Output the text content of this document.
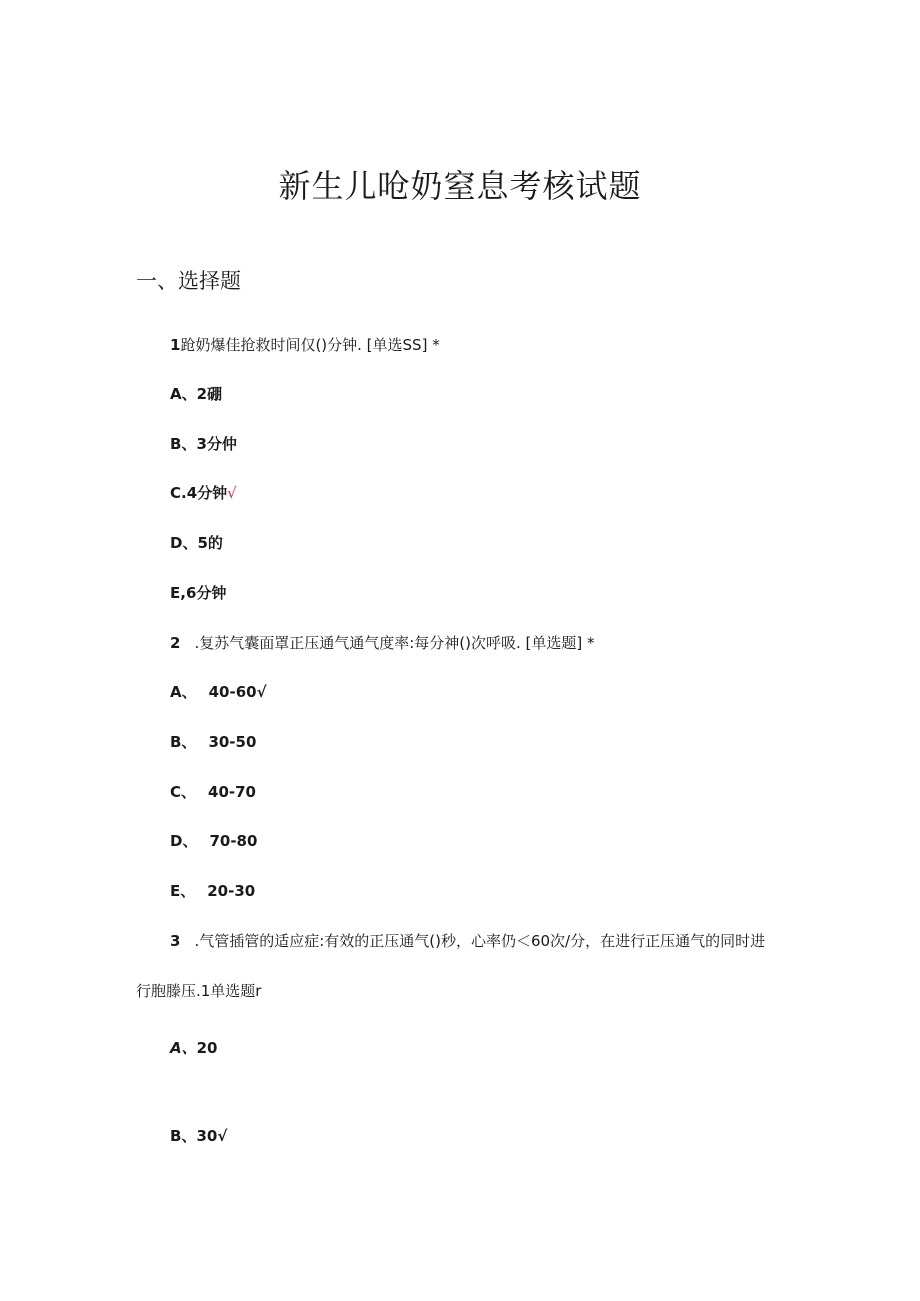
新生儿呛奶窒息考核试题
一、选择题
1跄奶爆佳抢救时间仅()分钟. [单选SS] *
A、2硼
B、3分仲
C.4分钟√
D、5的
E,6分钟
2 .复苏气囊面罩正压通气通气度率:每分神()次呼吸. [单选题] *
A、 40-60√
B、 30-50
C、 40-70
D、 70-80
E、 20-30
3 .气管插管的适应症:有效的正压通气()秒，心率仍＜60次/分，在进行正压通气的同时进
行胞滕压.1单选题r
A、20
B、30√
